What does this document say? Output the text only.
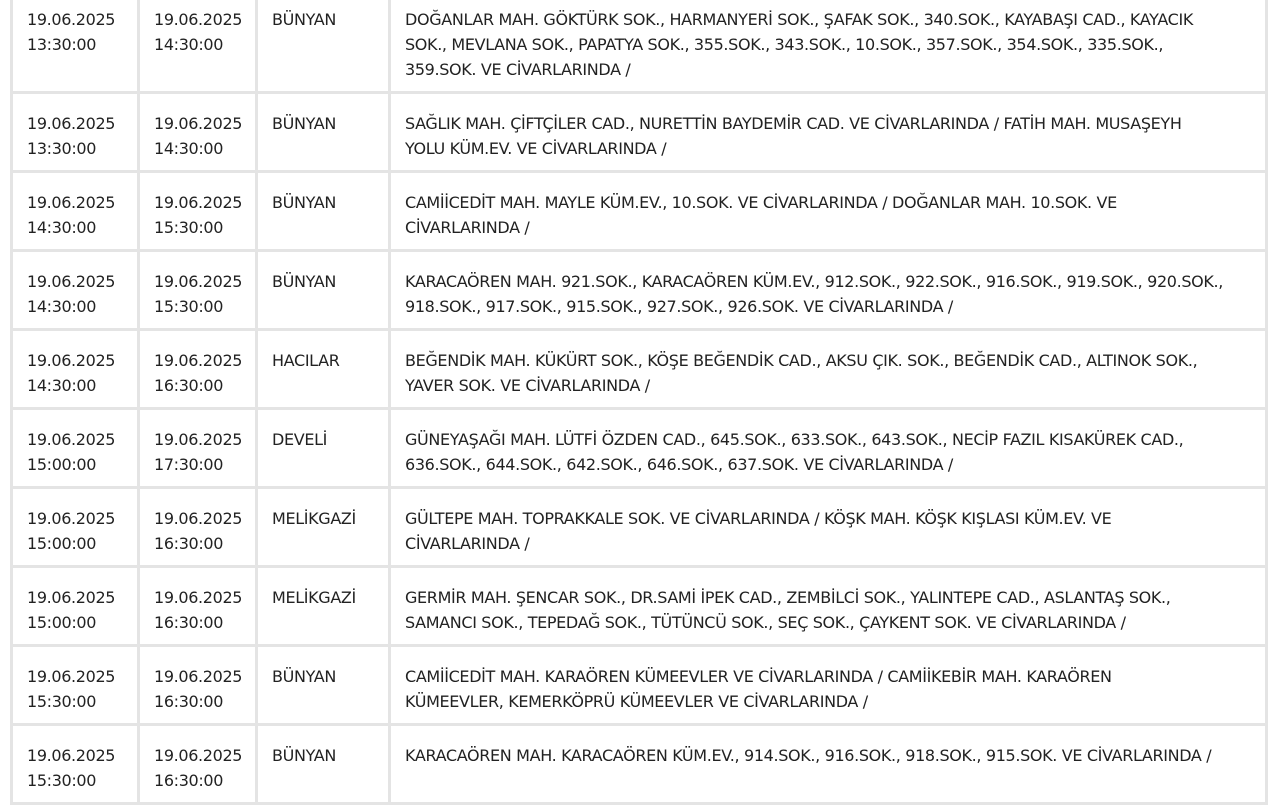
19.06.2025
13:30:00	19.06.2025
14:30:00	BÜNYAN	DOĞANLAR MAH. GÖKTÜRK SOK., HARMANYERİ SOK., ŞAFAK SOK., 340.SOK., KAYABAŞI CAD., KAYACIK
SOK., MEVLANA SOK., PAPATYA SOK., 355.SOK., 343.SOK., 10.SOK., 357.SOK., 354.SOK., 335.SOK.,
359.SOK. VE CİVARLARINDA /

19.06.2025
13:30:00	19.06.2025
14:30:00	BÜNYAN	SAĞLIK MAH. ÇİFTÇİLER CAD., NURETTİN BAYDEMİR CAD. VE CİVARLARINDA / FATİH MAH. MUSAŞEYH
YOLU KÜM.EV. VE CİVARLARINDA /

19.06.2025
14:30:00	19.06.2025
15:30:00	BÜNYAN	CAMİİCEDİT MAH. MAYLE KÜM.EV., 10.SOK. VE CİVARLARINDA / DOĞANLAR MAH. 10.SOK. VE
CİVARLARINDA /

19.06.2025
14:30:00	19.06.2025
15:30:00	BÜNYAN	KARACAÖREN MAH. 921.SOK., KARACAÖREN KÜM.EV., 912.SOK., 922.SOK., 916.SOK., 919.SOK., 920.SOK.,
918.SOK., 917.SOK., 915.SOK., 927.SOK., 926.SOK. VE CİVARLARINDA /

19.06.2025
14:30:00	19.06.2025
16:30:00	HACILAR	BEĞENDİK MAH. KÜKÜRT SOK., KÖŞE BEĞENDİK CAD., AKSU ÇIK. SOK., BEĞENDİK CAD., ALTINOK SOK.,
YAVER SOK. VE CİVARLARINDA /

19.06.2025
15:00:00	19.06.2025
17:30:00	DEVELİ	GÜNEYAŞAĞI MAH. LÜTFİ ÖZDEN CAD., 645.SOK., 633.SOK., 643.SOK., NECİP FAZIL KISAKÜREK CAD.,
636.SOK., 644.SOK., 642.SOK., 646.SOK., 637.SOK. VE CİVARLARINDA /

19.06.2025
15:00:00	19.06.2025
16:30:00	MELİKGAZİ	GÜLTEPE MAH. TOPRAKKALE SOK. VE CİVARLARINDA / KÖŞK MAH. KÖŞK KIŞLASI KÜM.EV. VE
CİVARLARINDA /

19.06.2025
15:00:00	19.06.2025
16:30:00	MELİKGAZİ	GERMİR MAH. ŞENCAR SOK., DR.SAMİ İPEK CAD., ZEMBİLCİ SOK., YALINTEPE CAD., ASLANTAŞ SOK.,
SAMANCI SOK., TEPEDAĞ SOK., TÜTÜNCÜ SOK., SEÇ SOK., ÇAYKENT SOK. VE CİVARLARINDA /

19.06.2025
15:30:00	19.06.2025
16:30:00	BÜNYAN	CAMİİCEDİT MAH. KARAÖREN KÜMEEVLER VE CİVARLARINDA / CAMİİKEBİR MAH. KARAÖREN
KÜMEEVLER, KEMERKÖPRÜ KÜMEEVLER VE CİVARLARINDA /

19.06.2025
15:30:00	19.06.2025
16:30:00	BÜNYAN	KARACAÖREN MAH. KARACAÖREN KÜM.EV., 914.SOK., 916.SOK., 918.SOK., 915.SOK. VE CİVARLARINDA /
